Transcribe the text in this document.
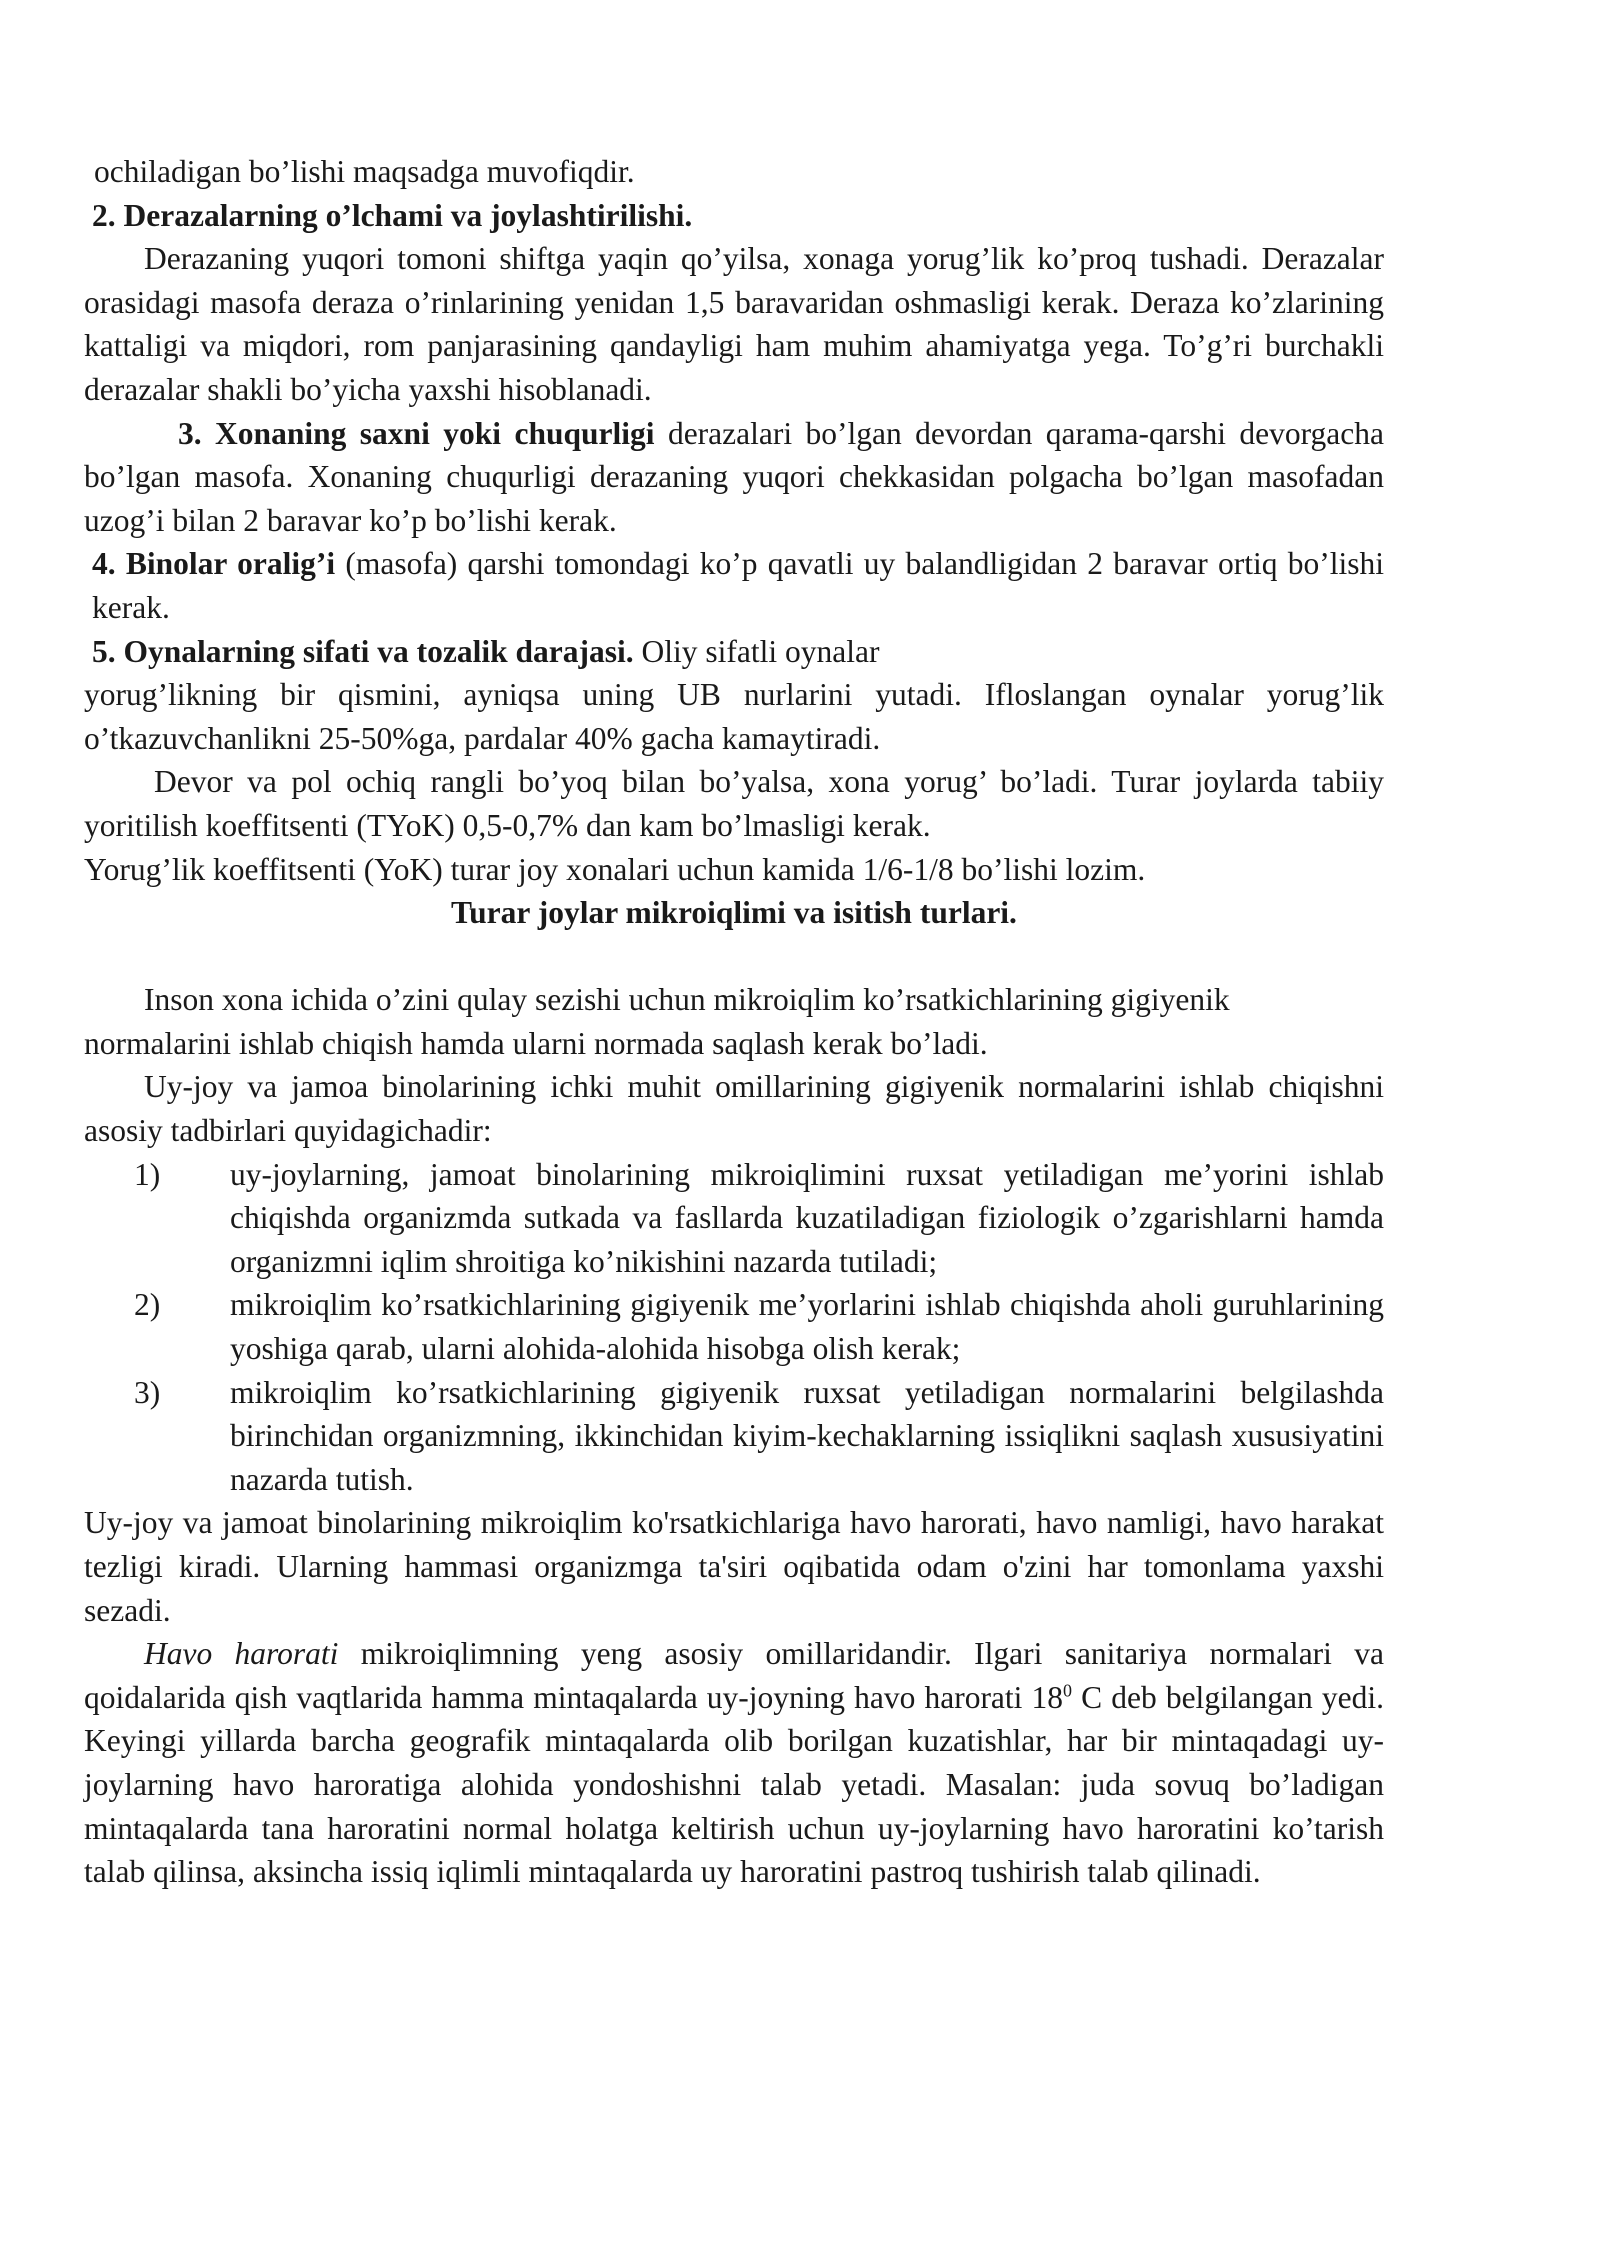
ochiladigan bo’lishi maqsadga muvofiqdir.

2. Derazalarning o’lchami va joylashtirilishi.

Derazaning yuqori tomoni shiftga yaqin qo’yilsa, xonaga yorug’lik ko’proq tushadi. Derazalar orasidagi masofa deraza o’rinlarining yenidan 1,5 baravaridan oshmasligi kerak. Deraza ko’zlarining kattaligi va miqdori, rom panjarasining qandayligi ham muhim ahamiyatga yega. To’g’ri burchakli derazalar shakli bo’yicha yaxshi hisoblanadi.

3. Xonaning saxni yoki chuqurligi derazalari bo’lgan devordan qarama-qarshi devorgacha bo’lgan masofa. Xonaning chuqurligi derazaning yuqori chekkasidan polgacha bo’lgan masofadan uzog’i bilan 2 baravar ko’p bo’lishi kerak.

4. Binolar oralig’i (masofa) qarshi tomondagi ko’p qavatli uy balandligidan 2 baravar ortiq bo’lishi kerak.

5. Oynalarning sifati va tozalik darajasi. Oliy sifatli oynalar

yorug’likning bir qismini, ayniqsa uning UB nurlarini yutadi. Ifloslangan oynalar yorug’lik o’tkazuvchanlikni 25-50%ga, pardalar 40% gacha kamaytiradi.

Devor va pol ochiq rangli bo’yoq bilan bo’yalsa, xona yorug’ bo’ladi. Turar joylarda tabiiy yoritilish koeffitsenti (TYoK) 0,5-0,7% dan kam bo’lmasligi kerak.

Yorug’lik koeffitsenti (YoK) turar joy xonalari uchun kamida 1/6-1/8 bo’lishi lozim.

Turar joylar mikroiqlimi va isitish turlari.

Inson xona ichida o’zini qulay sezishi uchun mikroiqlim ko’rsatkichlarining gigiyenik normalarini ishlab chiqish hamda ularni normada saqlash kerak bo’ladi.

Uy-joy va jamoa binolarining ichki muhit omillarining gigiyenik normalarini ishlab chiqishni asosiy tadbirlari quyidagichadir:

1)	uy-joylarning, jamoat binolarining mikroiqlimini ruxsat yetiladigan me’yorini ishlab chiqishda organizmda sutkada va fasllarda kuzatiladigan fiziologik o’zgarishlarni hamda organizmni iqlim shroitiga ko’nikishini nazarda tutiladi;
2)	mikroiqlim ko’rsatkichlarining gigiyenik me’yorlarini ishlab chiqishda aholi guruhlarining yoshiga qarab, ularni alohida-alohida hisobga olish kerak;
3)	mikroiqlim ko’rsatkichlarining gigiyenik ruxsat yetiladigan normalarini belgilashda birinchidan organizmning, ikkinchidan kiyim-kechaklarning issiqlikni saqlash xususiyatini nazarda tutish.

Uy-joy va jamoat binolarining mikroiqlim ko'rsatkichlariga havo harorati, havo namligi, havo harakat tezligi kiradi. Ularning hammasi organizmga ta'siri oqibatida odam o'zini har tomonlama yaxshi sezadi.

Havo harorati mikroiqlimning yeng asosiy omillaridandir. Ilgari sanitariya normalari va qoidalarida qish vaqtlarida hamma mintaqalarda uy-joyning havo harorati $18^0$ C deb belgilangan yedi. Keyingi yillarda barcha geografik mintaqalarda olib borilgan kuzatishlar, har bir mintaqadagi uy-joylarning havo haroratiga alohida yondoshishni talab yetadi. Masalan: juda sovuq bo’ladigan mintaqalarda tana haroratini normal holatga keltirish uchun uy-joylarning havo haroratini ko’tarish talab qilinsa, aksincha issiq iqlimli mintaqalarda uy haroratini pastroq tushirish talab qilinadi.
